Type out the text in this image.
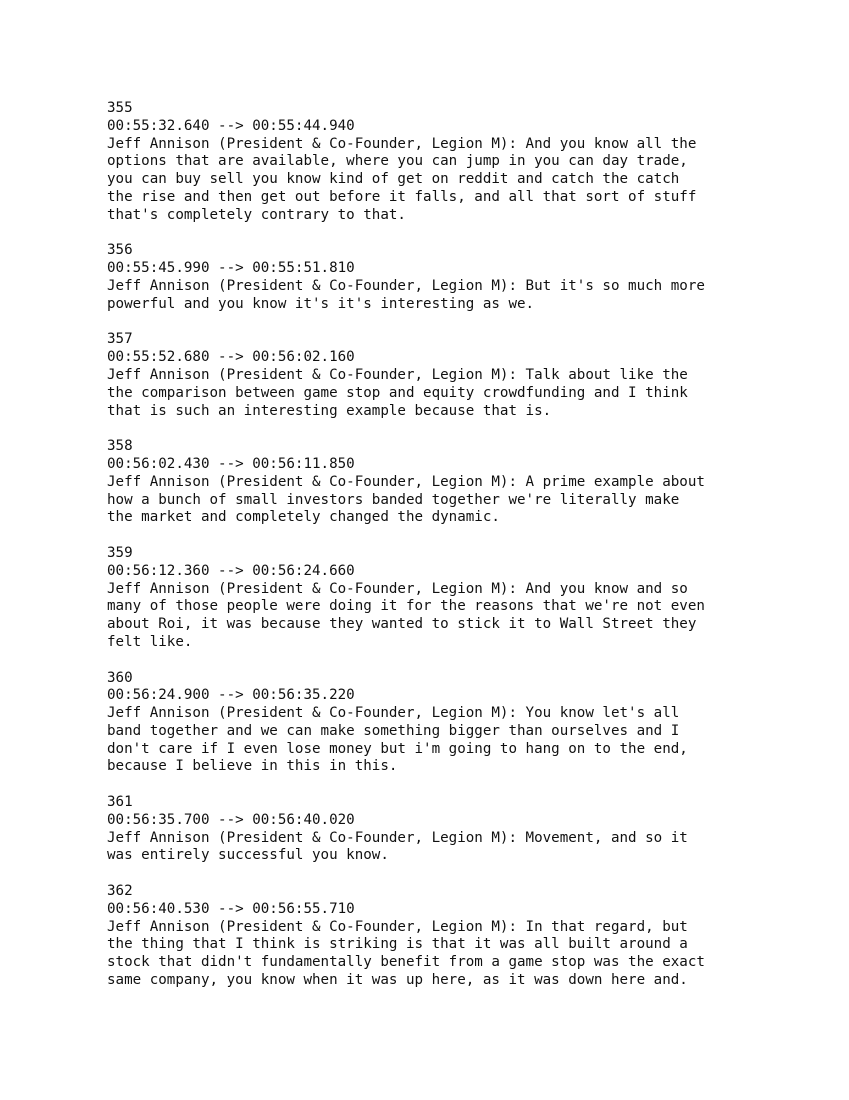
355
00:55:32.640 --> 00:55:44.940
Jeff Annison (President & Co-Founder, Legion M): And you know all the
options that are available, where you can jump in you can day trade,
you can buy sell you know kind of get on reddit and catch the catch
the rise and then get out before it falls, and all that sort of stuff
that's completely contrary to that.
356
00:55:45.990 --> 00:55:51.810
Jeff Annison (President & Co-Founder, Legion M): But it's so much more
powerful and you know it's it's interesting as we.
357
00:55:52.680 --> 00:56:02.160
Jeff Annison (President & Co-Founder, Legion M): Talk about like the
the comparison between game stop and equity crowdfunding and I think
that is such an interesting example because that is.
358
00:56:02.430 --> 00:56:11.850
Jeff Annison (President & Co-Founder, Legion M): A prime example about
how a bunch of small investors banded together we're literally make
the market and completely changed the dynamic.
359
00:56:12.360 --> 00:56:24.660
Jeff Annison (President & Co-Founder, Legion M): And you know and so
many of those people were doing it for the reasons that we're not even
about Roi, it was because they wanted to stick it to Wall Street they
felt like.
360
00:56:24.900 --> 00:56:35.220
Jeff Annison (President & Co-Founder, Legion M): You know let's all
band together and we can make something bigger than ourselves and I
don't care if I even lose money but i'm going to hang on to the end,
because I believe in this in this.
361
00:56:35.700 --> 00:56:40.020
Jeff Annison (President & Co-Founder, Legion M): Movement, and so it
was entirely successful you know.
362
00:56:40.530 --> 00:56:55.710
Jeff Annison (President & Co-Founder, Legion M): In that regard, but
the thing that I think is striking is that it was all built around a
stock that didn't fundamentally benefit from a game stop was the exact
same company, you know when it was up here, as it was down here and.
